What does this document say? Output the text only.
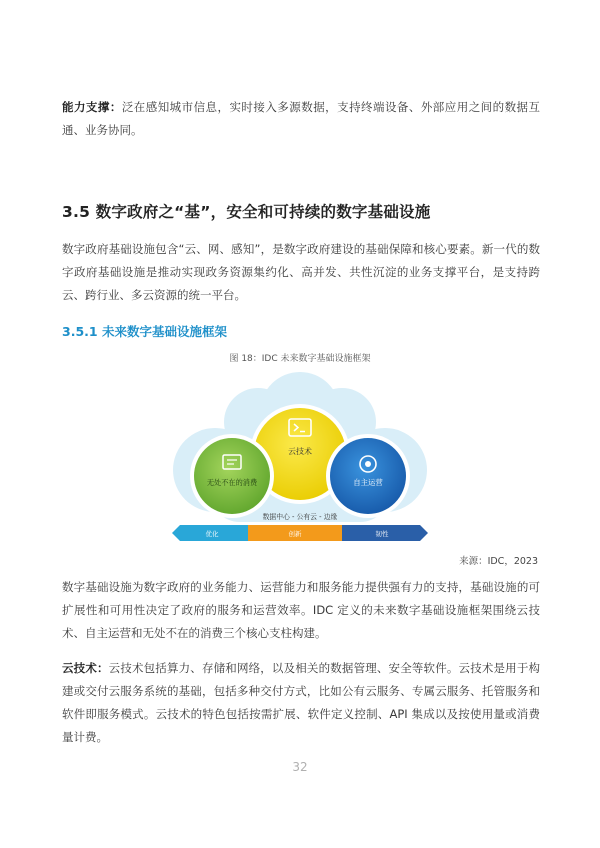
能力支撑：泛在感知城市信息，实时接入多源数据，支持终端设备、外部应用之间的数据互通、业务协同。

3.5 数字政府之“基”，安全和可持续的数字基础设施

数字政府基础设施包含“云、网、感知”，是数字政府建设的基础保障和核心要素。新一代的数字政府基础设施是推动实现政务资源集约化、高并发、共性沉淀的业务支撑平台，是支持跨云、跨行业、多云资源的统一平台。

3.5.1 未来数字基础设施框架
图 18：IDC 未来数字基础设施框架
云技术
无处不在的消费	自主运营
数据中心 - 公有云 - 边缘
优化	创新	韧性
来源：IDC，2023

数字基础设施为数字政府的业务能力、运营能力和服务能力提供强有力的支持，基础设施的可扩展性和可用性决定了政府的服务和运营效率。IDC 定义的未来数字基础设施框架围绕云技术、自主运营和无处不在的消费三个核心支柱构建。

云技术：云技术包括算力、存储和网络，以及相关的数据管理、安全等软件。云技术是用于构建或交付云服务系统的基础，包括多种交付方式，比如公有云服务、专属云服务、托管服务和软件即服务模式。云技术的特色包括按需扩展、软件定义控制、API 集成以及按使用量或消费量计费。

32
